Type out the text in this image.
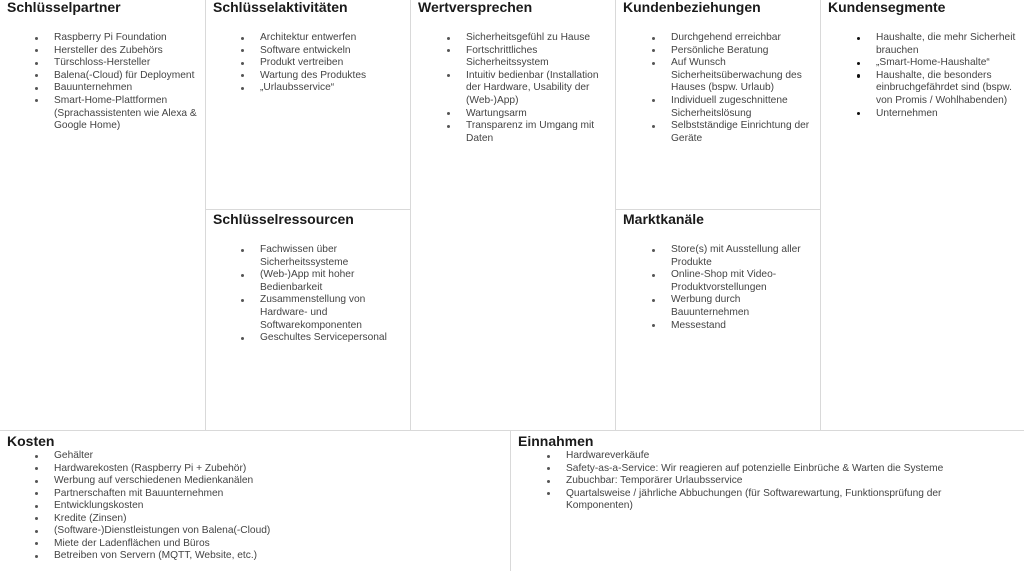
Schlüsselpartner
Raspberry Pi Foundation
Hersteller des Zubehörs
Türschloss-Hersteller
Balena(-Cloud) für Deployment
Bauunternehmen
Smart-Home-Plattformen (Sprachassistenten wie Alexa & Google Home)
Schlüsselaktivitäten
Architektur entwerfen
Software entwickeln
Produkt vertreiben
Wartung des Produktes
„Urlaubsservice“
Schlüsselressourcen
Fachwissen über Sicherheitssysteme
(Web-)App mit hoher Bedienbarkeit
Zusammenstellung von Hardware- und Softwarekomponenten
Geschultes Servicepersonal
Wertversprechen
Sicherheitsgefühl zu Hause
Fortschrittliches Sicherheitssystem
Intuitiv bedienbar (Installation der Hardware, Usability der (Web-)App)
Wartungsarm
Transparenz im Umgang mit Daten
Kundenbeziehungen
Durchgehend erreichbar
Persönliche Beratung
Auf Wunsch Sicherheitsüberwachung des Hauses (bspw. Urlaub)
Individuell zugeschnittene Sicherheitslösung
Selbstständige Einrichtung der Geräte
Marktkanäle
Store(s) mit Ausstellung aller Produkte
Online-Shop mit Video-Produktvorstellungen
Werbung durch Bauunternehmen
Messestand
Kundensegmente
Haushalte, die mehr Sicherheit brauchen
„Smart-Home-Haushalte“
Haushalte, die besonders einbruchgefährdet sind (bspw. von Promis / Wohlhabenden)
Unternehmen
Kosten
Gehälter
Hardwarekosten (Raspberry Pi + Zubehör)
Werbung auf verschiedenen Medienkanälen
Partnerschaften mit Bauunternehmen
Entwicklungskosten
Kredite (Zinsen)
(Software-)Dienstleistungen von Balena(-Cloud)
Miete der Ladenflächen und Büros
Betreiben von Servern (MQTT, Website, etc.)
Einnahmen
Hardwareverkäufe
Safety-as-a-Service: Wir reagieren auf potenzielle Einbrüche & Warten die Systeme
Zubuchbar: Temporärer Urlaubsservice
Quartalsweise / jährliche Abbuchungen (für Softwarewartung, Funktionsprüfung der Komponenten)
